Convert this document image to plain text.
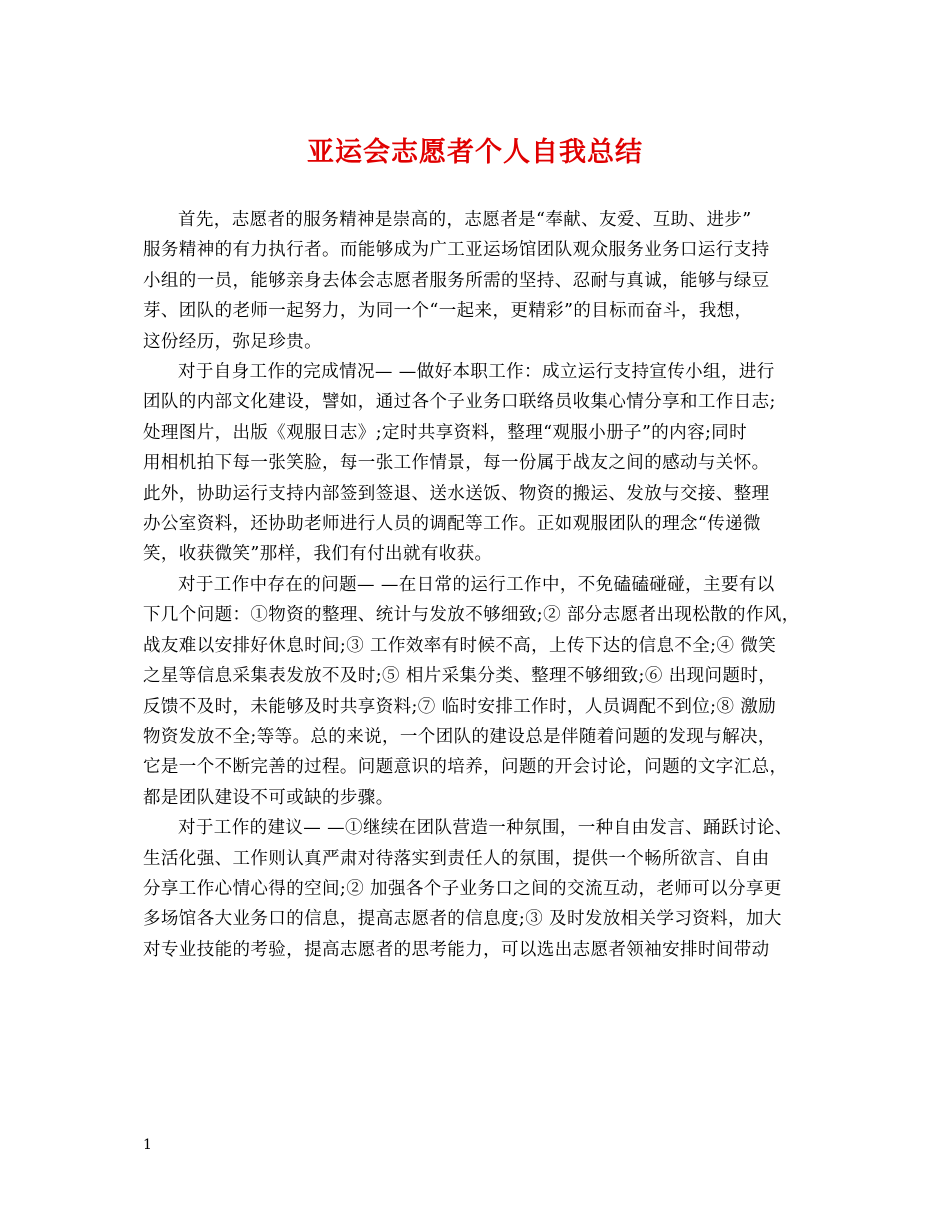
亚运会志愿者个人自我总结

首先，志愿者的服务精神是崇高的，志愿者是“奉献、友爱、互助、进步”
服务精神的有力执行者。而能够成为广工亚运场馆团队观众服务业务口运行支持
小组的一员，能够亲身去体会志愿者服务所需的坚持、忍耐与真诚，能够与绿豆
芽、团队的老师一起努力，为同一个“一起来，更精彩”的目标而奋斗，我想，
这份经历，弥足珍贵。

对于自身工作的完成情况— —做好本职工作：成立运行支持宣传小组，进行
团队的内部文化建设，譬如，通过各个子业务口联络员收集心情分享和工作日志;
处理图片，出版《观服日志》;定时共享资料，整理“观服小册子”的内容;同时
用相机拍下每一张笑脸，每一张工作情景，每一份属于战友之间的感动与关怀。
此外，协助运行支持内部签到签退、送水送饭、物资的搬运、发放与交接、整理
办公室资料，还协助老师进行人员的调配等工作。正如观服团队的理念“传递微
笑，收获微笑”那样，我们有付出就有收获。

对于工作中存在的问题— —在日常的运行工作中，不免磕磕碰碰，主要有以
下几个问题：①物资的整理、统计与发放不够细致;② 部分志愿者出现松散的作风，
战友难以安排好休息时间;③ 工作效率有时候不高，上传下达的信息不全;④ 微笑
之星等信息采集表发放不及时;⑤ 相片采集分类、整理不够细致;⑥ 出现问题时，
反馈不及时，未能够及时共享资料;⑦ 临时安排工作时，人员调配不到位;⑧ 激励
物资发放不全;等等。总的来说，一个团队的建设总是伴随着问题的发现与解决，
它是一个不断完善的过程。问题意识的培养，问题的开会讨论，问题的文字汇总，
都是团队建设不可或缺的步骤。

对于工作的建议— —①继续在团队营造一种氛围，一种自由发言、踊跃讨论、
生活化强、工作则认真严肃对待落实到责任人的氛围，提供一个畅所欲言、自由
分享工作心情心得的空间;② 加强各个子业务口之间的交流互动，老师可以分享更
多场馆各大业务口的信息，提高志愿者的信息度;③ 及时发放相关学习资料，加大
对专业技能的考验，提高志愿者的思考能力，可以选出志愿者领袖安排时间带动

1
